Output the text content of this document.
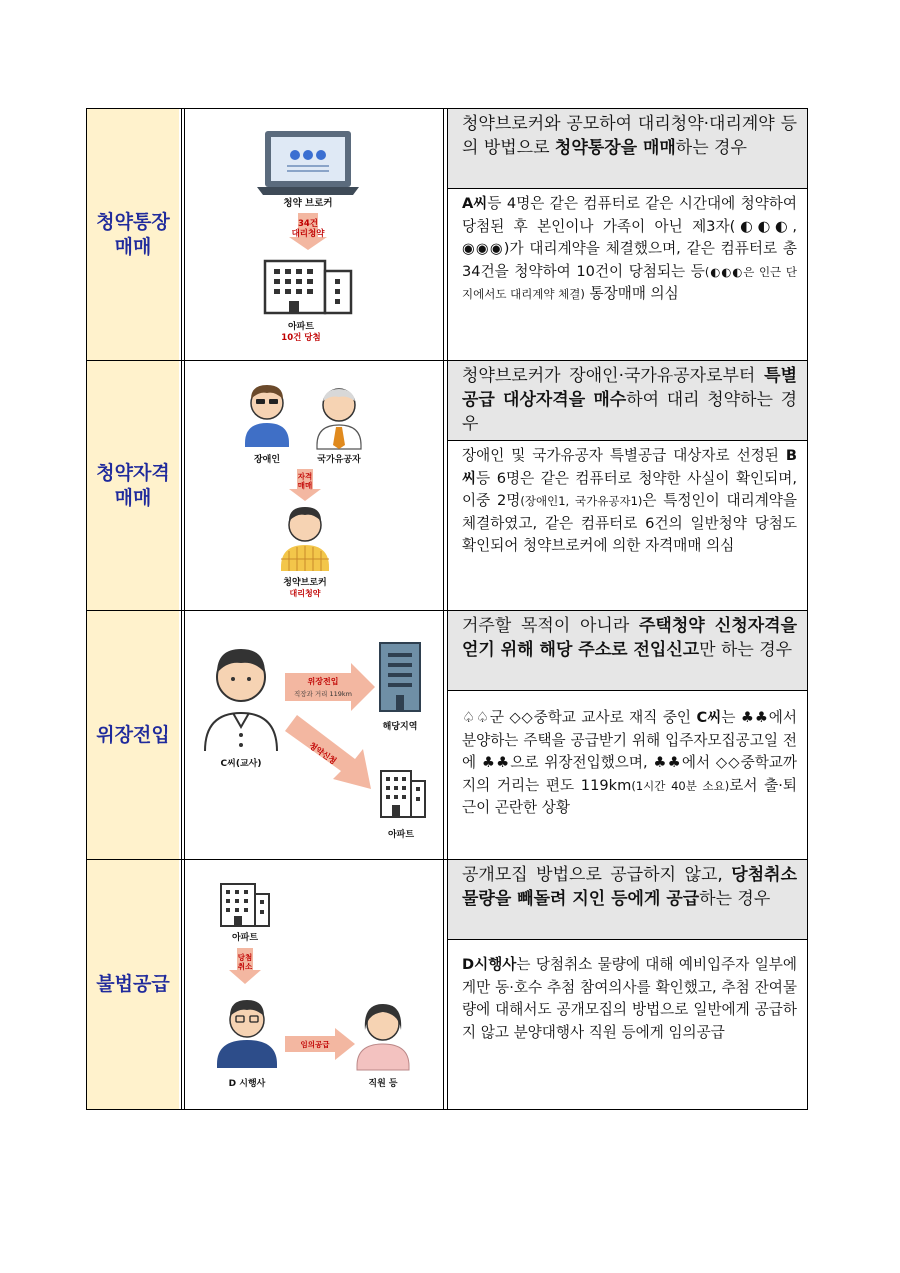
청약통장
매매
청약 브로커
34건
대리청약
아파트
10건 당첨
청약브로커와 공모하여 대리청약·대리계약 등의 방법으로 청약통장을 매매하는 경우
A씨등 4명은 같은 컴퓨터로 같은 시간대에 청약하여 당첨된 후 본인이나 가족이 아닌 제3자(◐◐◐, ◉◉◉)가 대리계약을 체결했으며, 같은 컴퓨터로 총 34건을 청약하여 10건이 당첨되는 등(◐◐◐은 인근 단지에서도 대리계약 체결) 통장매매 의심
청약자격
매매
장애인	국가유공자
자격
매매
청약브로커
대리청약
청약브로커가 장애인·국가유공자로부터 특별공급 대상자격을 매수하여 대리 청약하는 경우
장애인 및 국가유공자 특별공급 대상자로 선정된 B씨등 6명은 같은 컴퓨터로 청약한 사실이 확인되며, 이중 2명(장애인1, 국가유공자1)은 특정인이 대리계약을 체결하였고, 같은 컴퓨터로 6건의 일반청약 당첨도 확인되어 청약브로커에 의한 자격매매 의심
위장전입
C씨(교사)
위장전입
직장과 거리 119km
청약신청
해당지역
아파트
거주할 목적이 아니라 주택청약 신청자격을 얻기 위해 해당 주소로 전입신고만 하는 경우
♤♤군 ◇◇중학교 교사로 재직 중인 C씨는 ♣♣에서 분양하는 주택을 공급받기 위해 입주자모집공고일 전에 ♣♣으로 위장전입했으며, ♣♣에서 ◇◇중학교까지의 거리는 편도 119km(1시간 40분 소요)로서 출·퇴근이 곤란한 상황
불법공급
아파트
당첨
취소
D 시행사
임의공급
직원 등
공개모집 방법으로 공급하지 않고, 당첨취소 물량을 빼돌려 지인 등에게 공급하는 경우
D시행사는 당첨취소 물량에 대해 예비입주자 일부에게만 동·호수 추첨 참여의사를 확인했고, 추첨 잔여물량에 대해서도 공개모집의 방법으로 일반에게 공급하지 않고 분양대행사 직원 등에게 임의공급
